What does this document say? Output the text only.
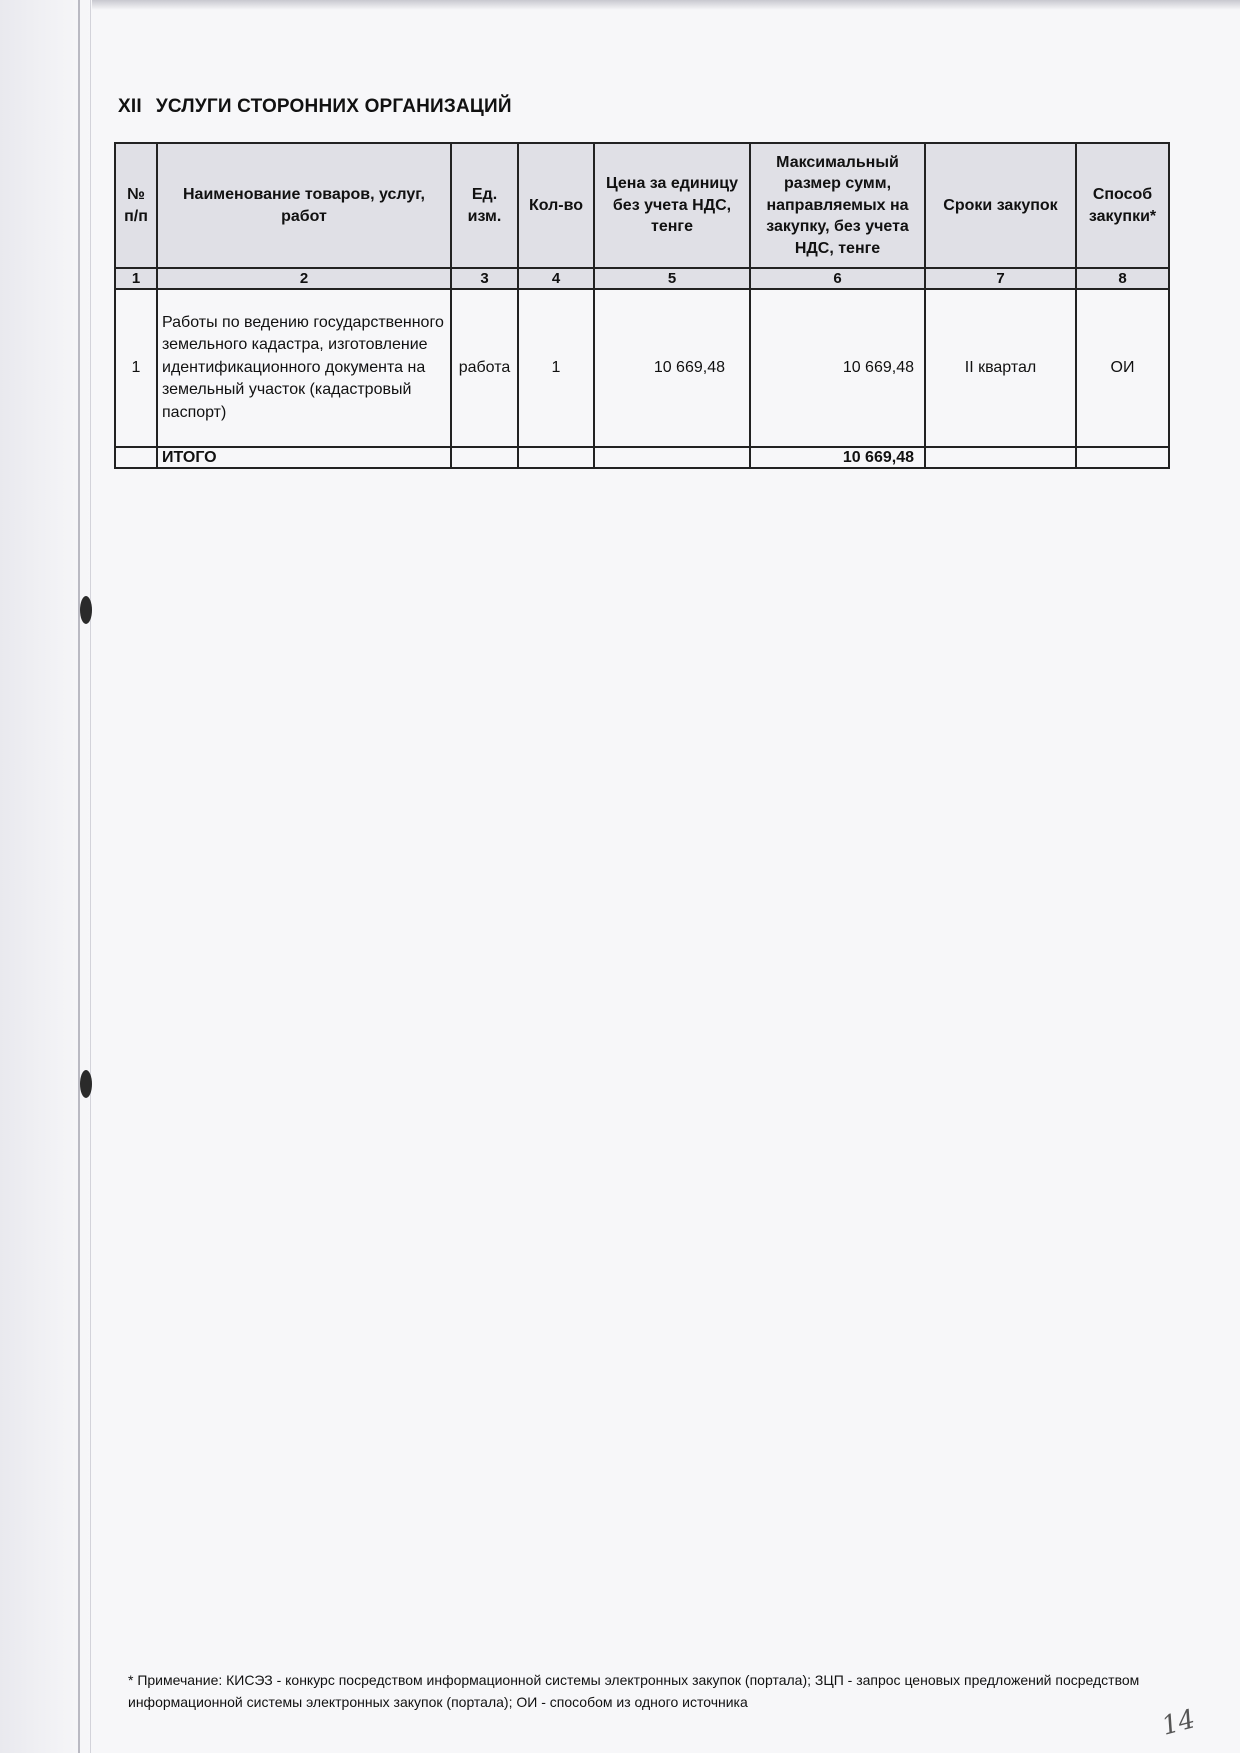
XII УСЛУГИ СТОРОННИХ ОРГАНИЗАЦИЙ
№ п/п	Наименование товаров, услуг, работ	Ед. изм.	Кол-во	Цена за единицу без учета НДС, тенге	Максимальный размер сумм, направляемых на закупку, без учета НДС, тенге	Сроки закупок	Способ закупки*
1	2	3	4	5	6	7	8
1	Работы по ведению государственного земельного кадастра, изготовление идентификационного документа на земельный участок (кадастровый паспорт)	работа	1	10 669,48	10 669,48	II квартал	ОИ
	ИТОГО				10 669,48		
* Примечание: КИСЭЗ - конкурс посредством информационной системы электронных закупок (портала); ЗЦП - запрос ценовых предложений посредством информационной системы электронных закупок (портала); ОИ - способом из одного источника
14
